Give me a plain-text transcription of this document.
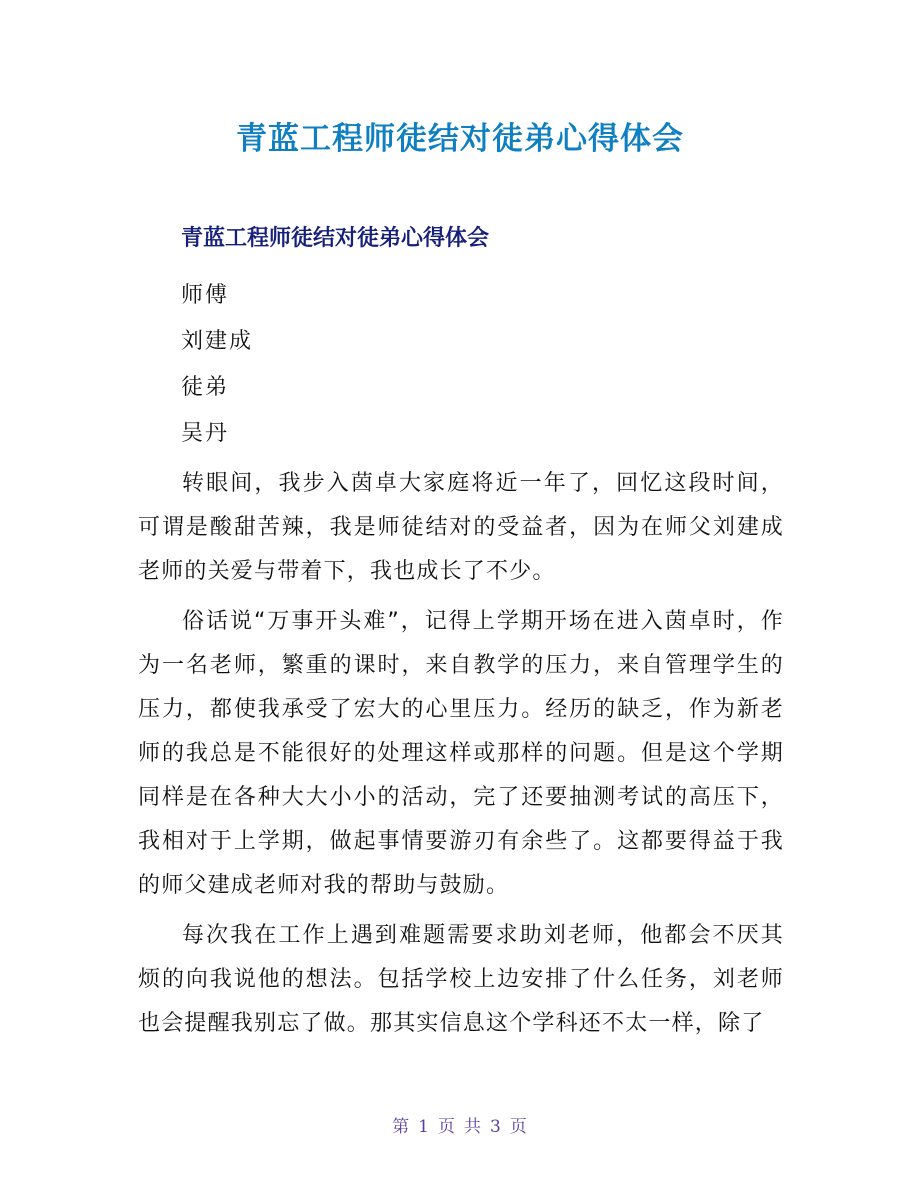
青蓝工程师徒结对徒弟心得体会
青蓝工程师徒结对徒弟心得体会
师傅
刘建成
徒弟
吴丹

转眼间，我步入茵卓大家庭将近一年了，回忆这段时间，可谓是酸甜苦辣，我是师徒结对的受益者，因为在师父刘建成老师的关爱与带着下，我也成长了不少。

俗话说“万事开头难”，记得上学期开场在进入茵卓时，作为一名老师，繁重的课时，来自教学的压力，来自管理学生的压力，都使我承受了宏大的心里压力。经历的缺乏，作为新老师的我总是不能很好的处理这样或那样的问题。但是这个学期同样是在各种大大小小的活动，完了还要抽测考试的高压下，我相对于上学期，做起事情要游刃有余些了。这都要得益于我的师父建成老师对我的帮助与鼓励。

每次我在工作上遇到难题需要求助刘老师，他都会不厌其烦的向我说他的想法。包括学校上边安排了什么任务，刘老师也会提醒我别忘了做。那其实信息这个学科还不太一样，除了

第 1 页 共 3 页
